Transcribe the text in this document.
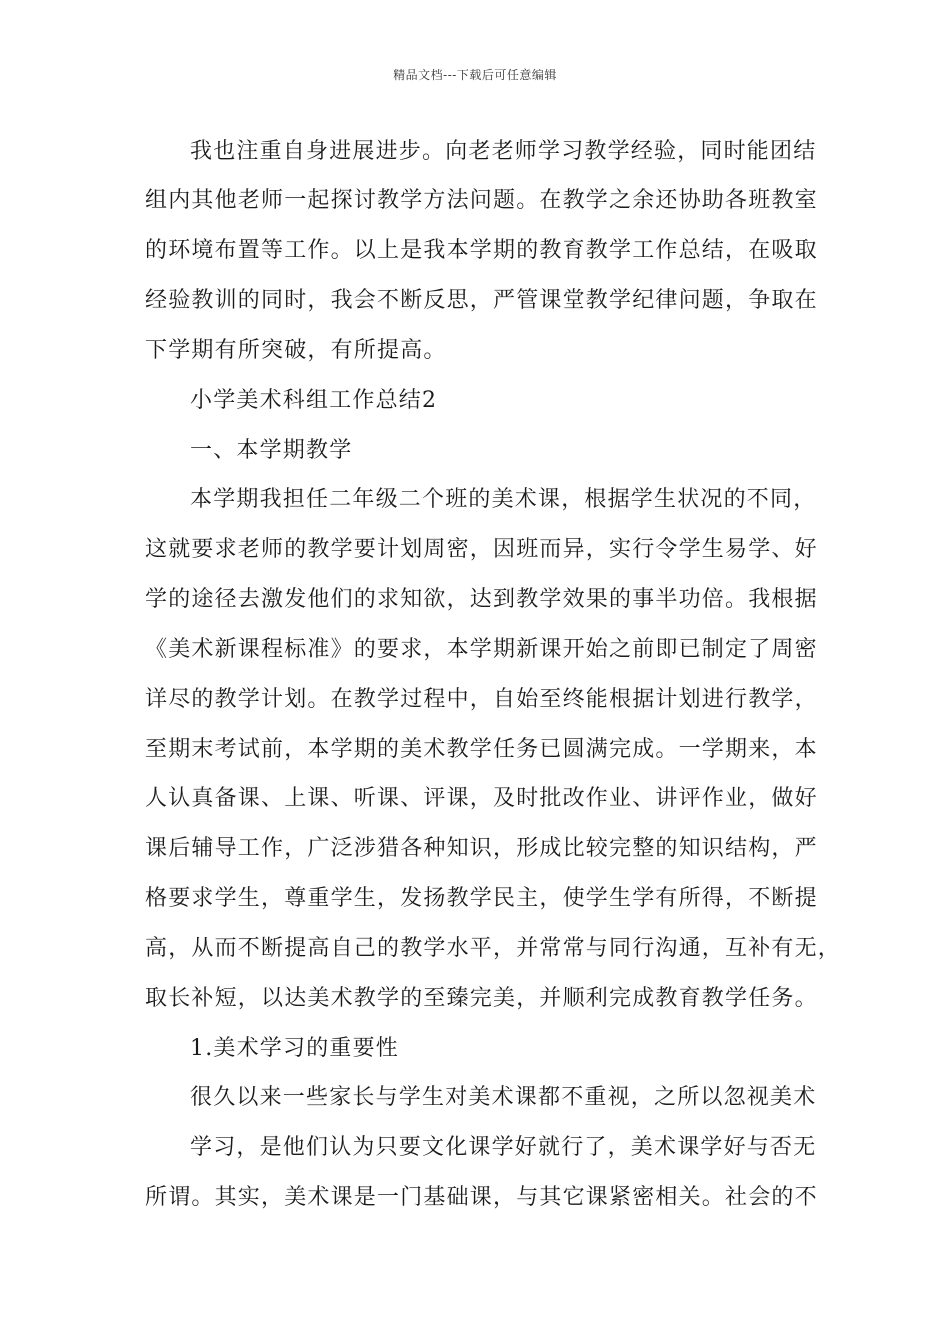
精品文档---下载后可任意编辑
我也注重自身进展进步。向老老师学习教学经验，同时能团结
组内其他老师一起探讨教学方法问题。在教学之余还协助各班教室
的环境布置等工作。以上是我本学期的教育教学工作总结，在吸取
经验教训的同时，我会不断反思，严管课堂教学纪律问题，争取在
下学期有所突破，有所提高。
小学美术科组工作总结2
一、本学期教学
本学期我担任二年级二个班的美术课，根据学生状况的不同，
这就要求老师的教学要计划周密，因班而异，实行令学生易学、好
学的途径去激发他们的求知欲，达到教学效果的事半功倍。我根据
《美术新课程标准》的要求，本学期新课开始之前即已制定了周密
详尽的教学计划。在教学过程中，自始至终能根据计划进行教学，
至期末考试前，本学期的美术教学任务已圆满完成。一学期来，本
人认真备课、上课、听课、评课，及时批改作业、讲评作业，做好
课后辅导工作，广泛涉猎各种知识，形成比较完整的知识结构，严
格要求学生，尊重学生，发扬教学民主，使学生学有所得，不断提
高，从而不断提高自己的教学水平，并常常与同行沟通，互补有无，
取长补短，以达美术教学的至臻完美，并顺利完成教育教学任务。
1.美术学习的重要性
很久以来一些家长与学生对美术课都不重视，之所以忽视美术
学习，是他们认为只要文化课学好就行了，美术课学好与否无
所谓。其实，美术课是一门基础课，与其它课紧密相关。社会的不
